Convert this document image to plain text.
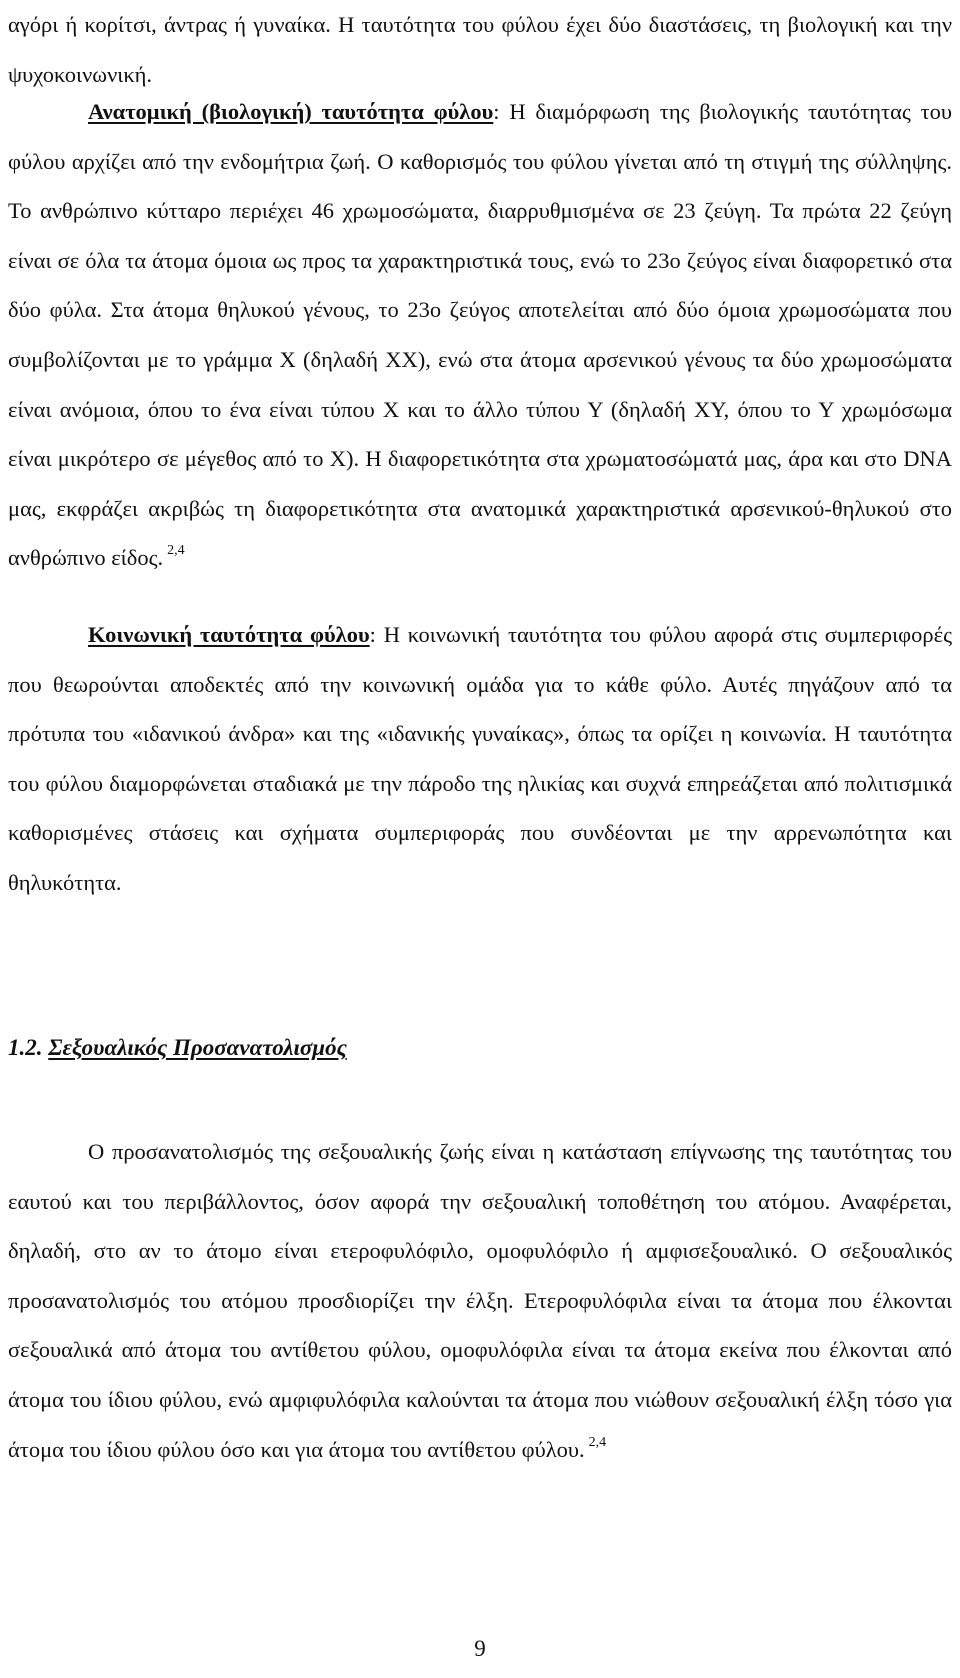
αγόρι ή κορίτσι, άντρας ή γυναίκα. Η ταυτότητα του φύλου έχει δύο διαστάσεις, τη βιολογική και την ψυχοκοινωνική.

Ανατομική (βιολογική) ταυτότητα φύλου: Η διαμόρφωση της βιολογικής ταυτότητας του φύλου αρχίζει από την ενδομήτρια ζωή. Ο καθορισμός του φύλου γίνεται από τη στιγμή της σύλληψης. Το ανθρώπινο κύτταρο περιέχει 46 χρωμοσώματα, διαρρυθμισμένα σε 23 ζεύγη. Τα πρώτα 22 ζεύγη είναι σε όλα τα άτομα όμοια ως προς τα χαρακτηριστικά τους, ενώ το 23ο ζεύγος είναι διαφορετικό στα δύο φύλα. Στα άτομα θηλυκού γένους, το 23ο ζεύγος αποτελείται από δύο όμοια χρωμοσώματα που συμβολίζονται με το γράμμα Χ (δηλαδή ΧΧ), ενώ στα άτομα αρσενικού γένους τα δύο χρωμοσώματα είναι ανόμοια, όπου το ένα είναι τύπου Χ και το άλλο τύπου Υ (δηλαδή ΧΥ, όπου το Υ χρωμόσωμα είναι μικρότερο σε μέγεθος από το Χ). Η διαφορετικότητα στα χρωματοσώματά μας, άρα και στο DNA μας, εκφράζει ακριβώς τη διαφορετικότητα στα ανατομικά χαρακτηριστικά αρσενικού-θηλυκού στο ανθρώπινο είδος. $^{2,4}$

Κοινωνική ταυτότητα φύλου: Η κοινωνική ταυτότητα του φύλου αφορά στις συμπεριφορές που θεωρούνται αποδεκτές από την κοινωνική ομάδα για το κάθε φύλο. Αυτές πηγάζουν από τα πρότυπα του «ιδανικού άνδρα» και της «ιδανικής γυναίκας», όπως τα ορίζει η κοινωνία. Η ταυτότητα του φύλου διαμορφώνεται σταδιακά με την πάροδο της ηλικίας και συχνά επηρεάζεται από πολιτισμικά καθορισμένες στάσεις και σχήματα συμπεριφοράς που συνδέονται με την αρρενωπότητα και θηλυκότητα.

1.2. Σεξουαλικός Προσανατολισμός

Ο προσανατολισμός της σεξουαλικής ζωής είναι η κατάσταση επίγνωσης της ταυτότητας του εαυτού και του περιβάλλοντος, όσον αφορά την σεξουαλική τοποθέτηση του ατόμου. Αναφέρεται, δηλαδή, στο αν το άτομο είναι ετεροφυλόφιλο, ομοφυλόφιλο ή αμφισεξουαλικό. Ο σεξουαλικός προσανατολισμός του ατόμου προσδιορίζει την έλξη. Ετεροφυλόφιλα είναι τα άτομα που έλκονται σεξουαλικά από άτομα του αντίθετου φύλου, ομοφυλόφιλα είναι τα άτομα εκείνα που έλκονται από άτομα του ίδιου φύλου, ενώ αμφιφυλόφιλα καλούνται τα άτομα που νιώθουν σεξουαλική έλξη τόσο για άτομα του ίδιου φύλου όσο και για άτομα του αντίθετου φύλου. $^{2,4}$

9
